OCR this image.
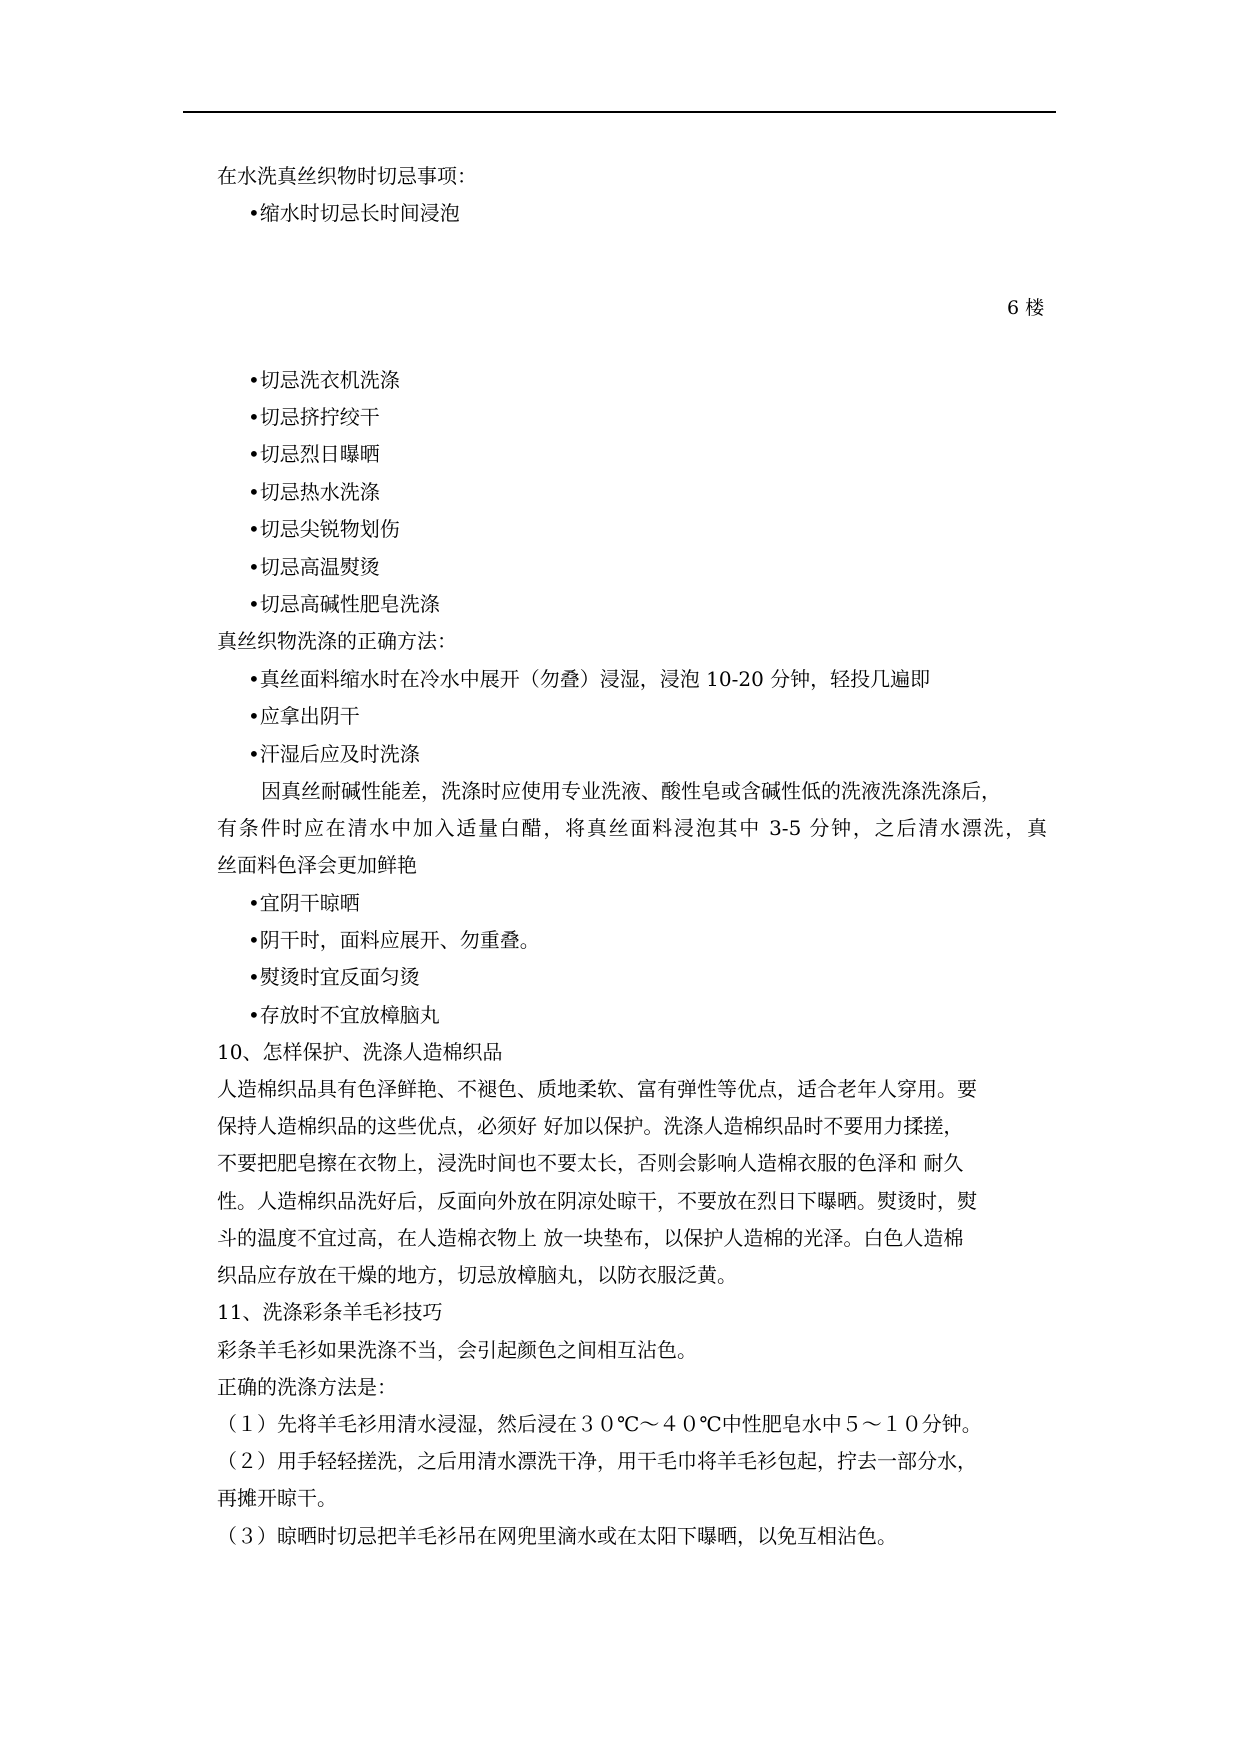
在水洗真丝织物时切忌事项：
•缩水时切忌长时间浸泡
6 楼
•切忌洗衣机洗涤
•切忌挤拧绞干
•切忌烈日曝晒
•切忌热水洗涤
•切忌尖锐物划伤
•切忌高温熨烫
•切忌高碱性肥皂洗涤
真丝织物洗涤的正确方法：
•真丝面料缩水时在冷水中展开（勿叠）浸湿，浸泡 10-20 分钟，轻投几遍即
•应拿出阴干
•汗湿后应及时洗涤
因真丝耐碱性能差，洗涤时应使用专业洗液、酸性皂或含碱性低的洗液洗涤洗涤后，
有条件时应在清水中加入适量白醋，将真丝面料浸泡其中 3-5 分钟，之后清水漂洗，真
丝面料色泽会更加鲜艳
•宜阴干晾晒
•阴干时，面料应展开、勿重叠。
•熨烫时宜反面匀烫
•存放时不宜放樟脑丸
10、怎样保护、洗涤人造棉织品
人造棉织品具有色泽鲜艳、不褪色、质地柔软、富有弹性等优点，适合老年人穿用。要
保持人造棉织品的这些优点，必须好 好加以保护。洗涤人造棉织品时不要用力揉搓，
不要把肥皂擦在衣物上，浸洗时间也不要太长，否则会影响人造棉衣服的色泽和 耐久
性。人造棉织品洗好后，反面向外放在阴凉处晾干，不要放在烈日下曝晒。熨烫时，熨
斗的温度不宜过高，在人造棉衣物上 放一块垫布，以保护人造棉的光泽。白色人造棉
织品应存放在干燥的地方，切忌放樟脑丸，以防衣服泛黄。
11、洗涤彩条羊毛衫技巧
彩条羊毛衫如果洗涤不当，会引起颜色之间相互沾色。
正确的洗涤方法是：
（１）先将羊毛衫用清水浸湿，然后浸在３０℃～４０℃中性肥皂水中５～１０分钟。
（２）用手轻轻搓洗，之后用清水漂洗干净，用干毛巾将羊毛衫包起，拧去一部分水，
再摊开晾干。
（３）晾晒时切忌把羊毛衫吊在网兜里滴水或在太阳下曝晒，以免互相沾色。
